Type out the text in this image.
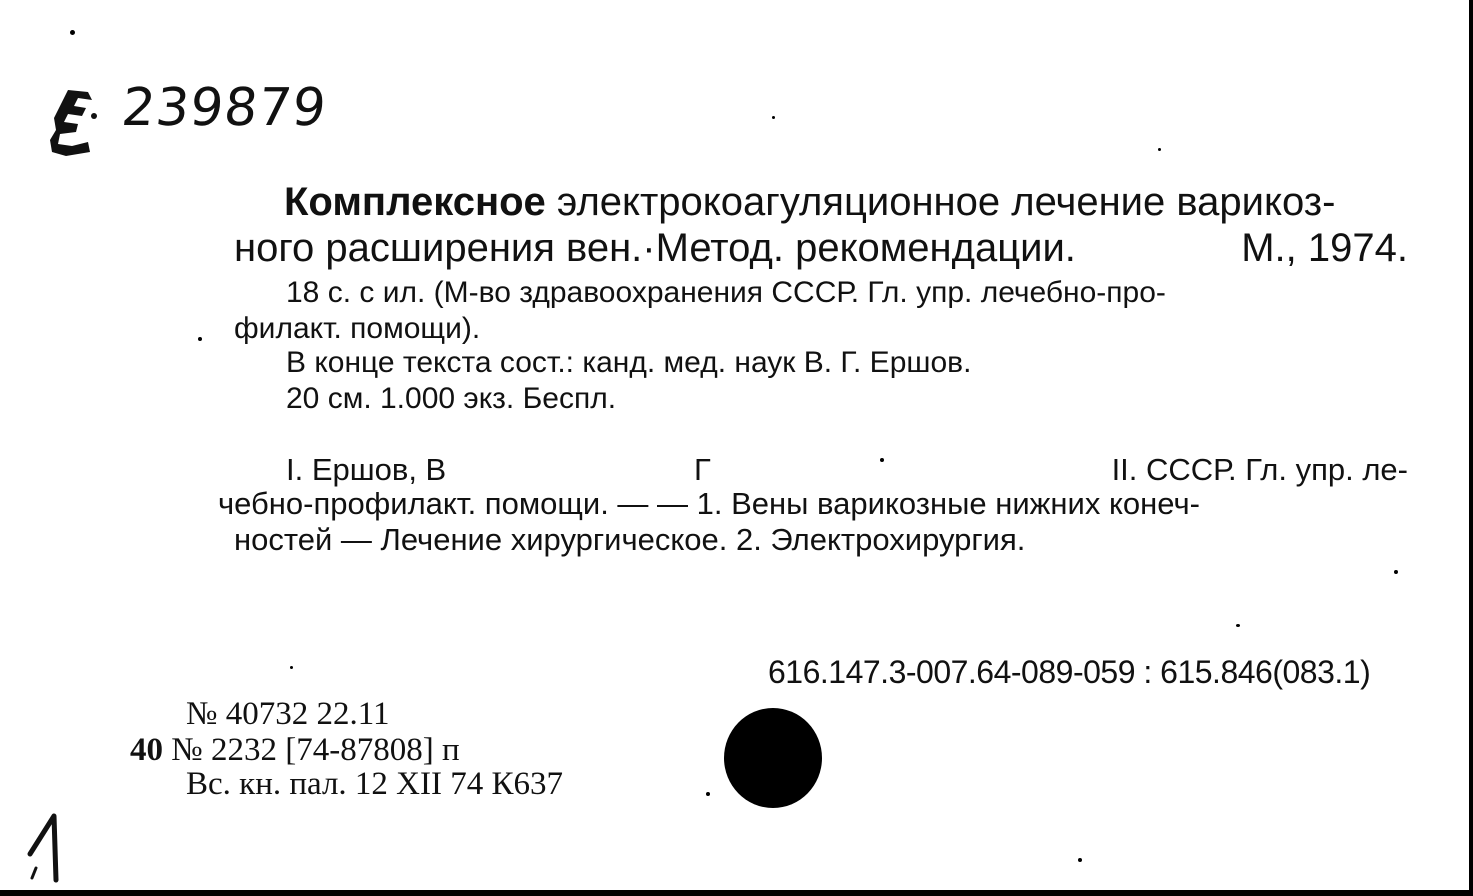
239879
Комплексное электрокоагуляционное лечение варикоз-
ного расширения вен.·Метод. рекомендации.	М., 1974.
18 с. с ил. (М-во здравоохранения СССР. Гл. упр. лечебно-про-
филакт. помощи).
В конце текста сост.: канд. мед. наук В. Г. Ершов.
20 см. 1.000 экз. Беспл.
I. Ершов, В	Г	II. СССР. Гл. упр. ле-
чебно-профилакт. помощи. — — 1. Вены варикозные нижних конеч-
ностей — Лечение хирургическое. 2. Электрохирургия.
616.147.3-007.64-089-059 : 615.846(083.1)
№ 40732 22.11
40 № 2232 [74-87808] п
Вс. кн. пал. 12 XII 74 К637
